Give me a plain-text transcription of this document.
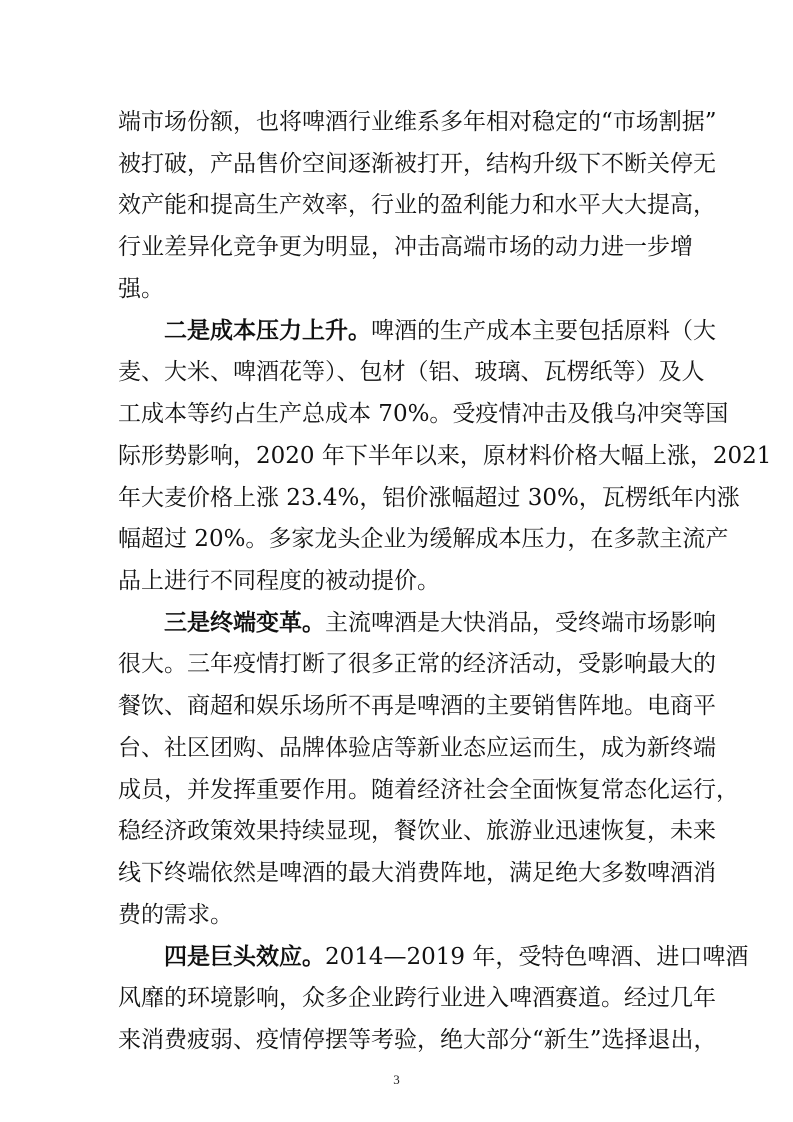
端市场份额，也将啤酒行业维系多年相对稳定的“市场割据”
被打破，产品售价空间逐渐被打开，结构升级下不断关停无
效产能和提高生产效率，行业的盈利能力和水平大大提高，
行业差异化竞争更为明显，冲击高端市场的动力进一步增
强。
二是成本压力上升。啤酒的生产成本主要包括原料（大
麦、大米、啤酒花等）、包材（铝、玻璃、瓦楞纸等）及人
工成本等约占生产总成本 70%。受疫情冲击及俄乌冲突等国
际形势影响，2020 年下半年以来，原材料价格大幅上涨，2021
年大麦价格上涨 23.4%，铝价涨幅超过 30%，瓦楞纸年内涨
幅超过 20%。多家龙头企业为缓解成本压力，在多款主流产
品上进行不同程度的被动提价。
三是终端变革。主流啤酒是大快消品，受终端市场影响
很大。三年疫情打断了很多正常的经济活动，受影响最大的
餐饮、商超和娱乐场所不再是啤酒的主要销售阵地。电商平
台、社区团购、品牌体验店等新业态应运而生，成为新终端
成员，并发挥重要作用。随着经济社会全面恢复常态化运行，
稳经济政策效果持续显现，餐饮业、旅游业迅速恢复，未来
线下终端依然是啤酒的最大消费阵地，满足绝大多数啤酒消
费的需求。
四是巨头效应。2014—2019 年，受特色啤酒、进口啤酒
风靡的环境影响，众多企业跨行业进入啤酒赛道。经过几年
来消费疲弱、疫情停摆等考验，绝大部分“新生”选择退出，
3
